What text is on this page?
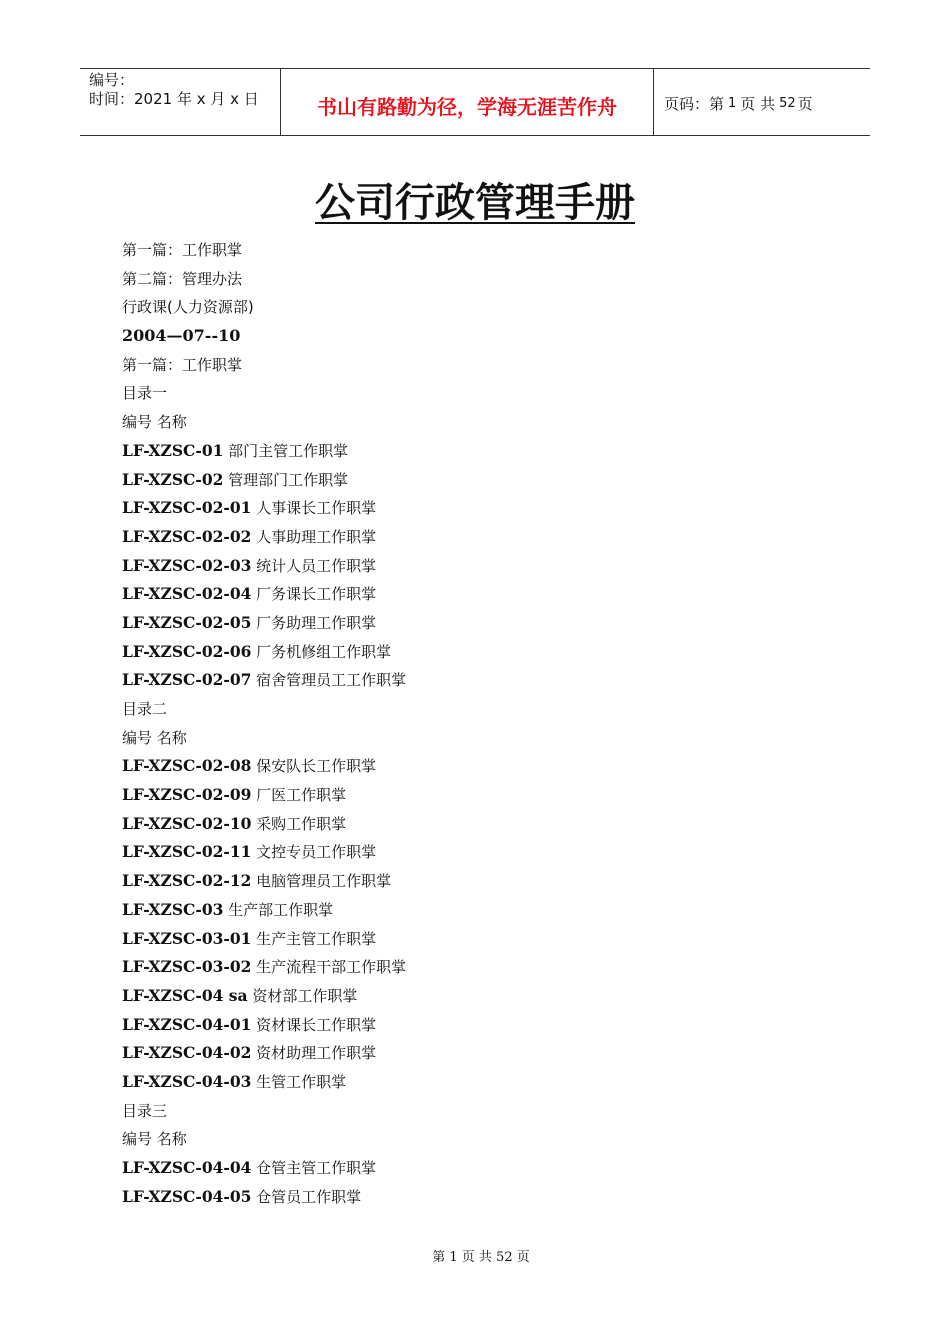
编号：
时间：2021 年 x 月 x 日	书山有路勤为径，学海无涯苦作舟	页码：第 1 页 共 52 页
公司行政管理手册
第一篇：工作职掌
第二篇：管理办法
行政课(人力资源部)
2004—07--10
第一篇：工作职掌
目录一
编号 名称
LF-XZSC-01 部门主管工作职掌
LF-XZSC-02 管理部门工作职掌
LF-XZSC-02-01 人事课长工作职掌
LF-XZSC-02-02 人事助理工作职掌
LF-XZSC-02-03 统计人员工作职掌
LF-XZSC-02-04 厂务课长工作职掌
LF-XZSC-02-05 厂务助理工作职掌
LF-XZSC-02-06 厂务机修组工作职掌
LF-XZSC-02-07 宿舍管理员工工作职掌
目录二
编号 名称
LF-XZSC-02-08 保安队长工作职掌
LF-XZSC-02-09 厂医工作职掌
LF-XZSC-02-10 采购工作职掌
LF-XZSC-02-11 文控专员工作职掌
LF-XZSC-02-12 电脑管理员工作职掌
LF-XZSC-03 生产部工作职掌
LF-XZSC-03-01 生产主管工作职掌
LF-XZSC-03-02 生产流程干部工作职掌
LF-XZSC-04 sa 资材部工作职掌
LF-XZSC-04-01 资材课长工作职掌
LF-XZSC-04-02 资材助理工作职掌
LF-XZSC-04-03 生管工作职掌
目录三
编号 名称
LF-XZSC-04-04 仓管主管工作职掌
LF-XZSC-04-05 仓管员工作职掌
第 1 页 共 52 页
